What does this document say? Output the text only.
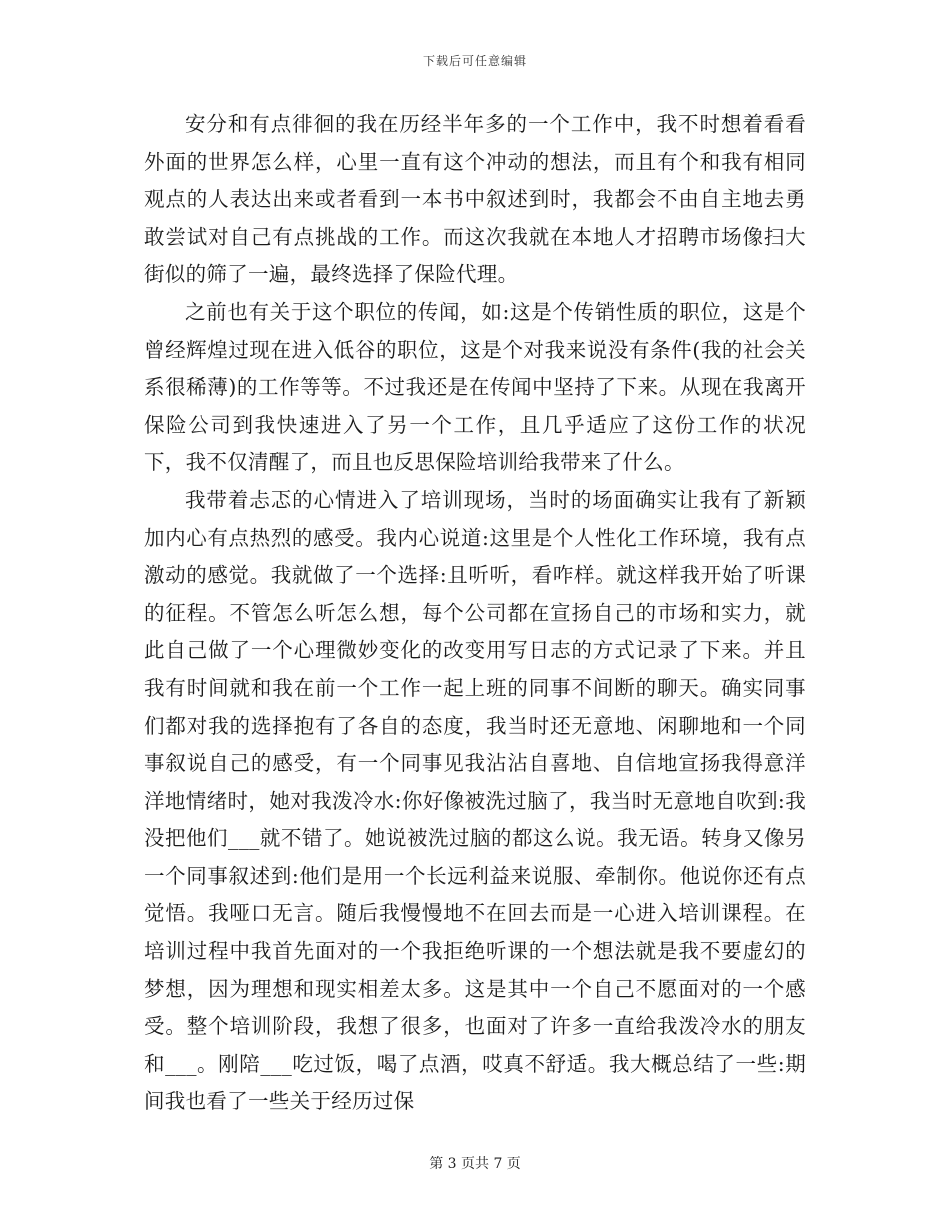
下载后可任意编辑

安分和有点徘徊的我在历经半年多的一个工作中，我不时想着看看外面的世界怎么样，心里一直有这个冲动的想法，而且有个和我有相同观点的人表达出来或者看到一本书中叙述到时，我都会不由自主地去勇敢尝试对自己有点挑战的工作。而这次我就在本地人才招聘市场像扫大街似的筛了一遍，最终选择了保险代理。

之前也有关于这个职位的传闻，如:这是个传销性质的职位，这是个曾经辉煌过现在进入低谷的职位，这是个对我来说没有条件(我的社会关系很稀薄)的工作等等。不过我还是在传闻中坚持了下来。从现在我离开保险公司到我快速进入了另一个工作，且几乎适应了这份工作的状况下，我不仅清醒了，而且也反思保险培训给我带来了什么。

我带着忐忑的心情进入了培训现场，当时的场面确实让我有了新颖加内心有点热烈的感受。我内心说道:这里是个人性化工作环境，我有点激动的感觉。我就做了一个选择:且听听，看咋样。就这样我开始了听课的征程。不管怎么听怎么想，每个公司都在宣扬自己的市场和实力，就此自己做了一个心理微妙变化的改变用写日志的方式记录了下来。并且我有时间就和我在前一个工作一起上班的同事不间断的聊天。确实同事们都对我的选择抱有了各自的态度，我当时还无意地、闲聊地和一个同事叙说自己的感受，有一个同事见我沾沾自喜地、自信地宣扬我得意洋洋地情绪时，她对我泼冷水:你好像被洗过脑了，我当时无意地自吹到:我没把他们___就不错了。她说被洗过脑的都这么说。我无语。转身又像另一个同事叙述到:他们是用一个长远利益来说服、牵制你。他说你还有点觉悟。我哑口无言。随后我慢慢地不在回去而是一心进入培训课程。在培训过程中我首先面对的一个我拒绝听课的一个想法就是我不要虚幻的梦想，因为理想和现实相差太多。这是其中一个自己不愿面对的一个感受。整个培训阶段，我想了很多，也面对了许多一直给我泼冷水的朋友和___。刚陪___吃过饭，喝了点酒，哎真不舒适。我大概总结了一些:期间我也看了一些关于经历过保

第 3 页共 7 页
